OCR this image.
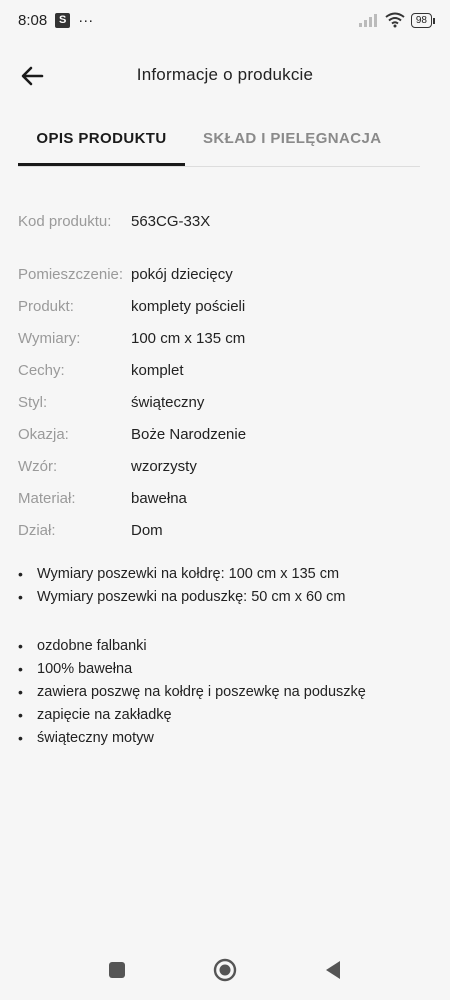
8:08	S ···	98
Informacje o produkcie
OPIS PRODUKTU	SKŁAD I PIELĘGNACJA
Kod produktu:	563CG-33X
Pomieszczenie: pokój dziecięcy
Produkt:	komplety pościeli
Wymiary:	100 cm x 135 cm
Cechy:	komplet
Styl:	świąteczny
Okazja:	Boże Narodzenie
Wzór:	wzorzysty
Materiał:	bawełna
Dział:	Dom
• Wymiary poszewki na kołdrę: 100 cm x 135 cm
• Wymiary poszewki na poduszkę: 50 cm x 60 cm
• ozdobne falbanki
• 100% bawełna
• zawiera poszwę na kołdrę i poszewkę na poduszkę
• zapięcie na zakładkę
• świąteczny motyw
